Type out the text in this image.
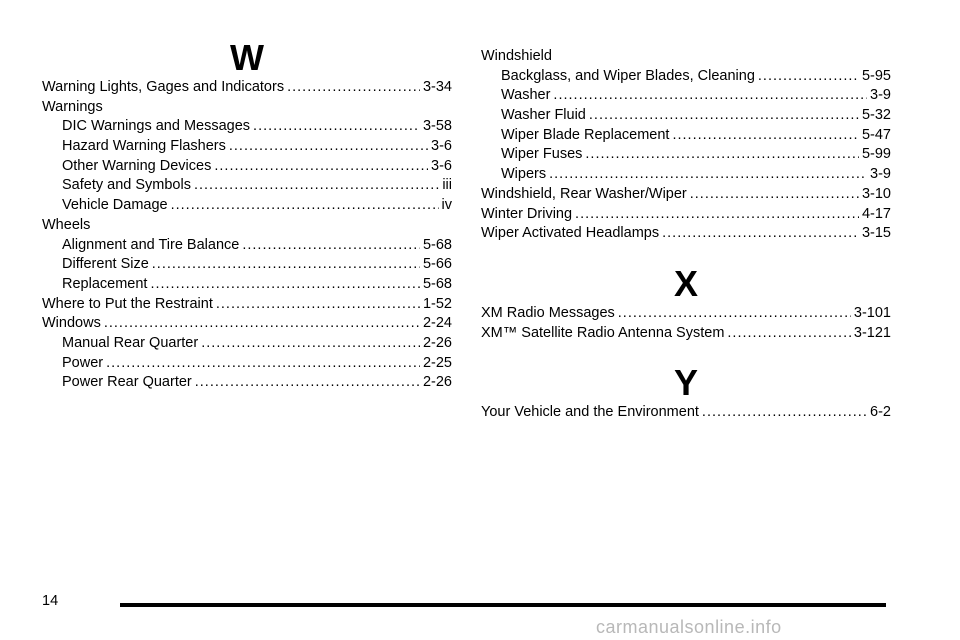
W
Warning Lights, Gages and Indicators .....	3-34
Warnings
DIC Warnings and Messages .....	3-58
Hazard Warning Flashers .....	3-6
Other Warning Devices .....	3-6
Safety and Symbols .....	iii
Vehicle Damage .....	iv
Wheels
Alignment and Tire Balance .....	5-68
Different Size .....	5-66
Replacement .....	5-68
Where to Put the Restraint .....	1-52
Windows .....	2-24
Manual Rear Quarter .....	2-26
Power .....	2-25
Power Rear Quarter .....	2-26
Windshield
Backglass, and Wiper Blades, Cleaning .....	5-95
Washer .....	3-9
Washer Fluid .....	5-32
Wiper Blade Replacement .....	5-47
Wiper Fuses .....	5-99
Wipers .....	3-9
Windshield, Rear Washer/Wiper .....	3-10
Winter Driving .....	4-17
Wiper Activated Headlamps .....	3-15
X
XM Radio Messages .....	3-101
XM™ Satellite Radio Antenna System .....	3-121
Y
Your Vehicle and the Environment .....	6-2
14
carmanualsonline.info
